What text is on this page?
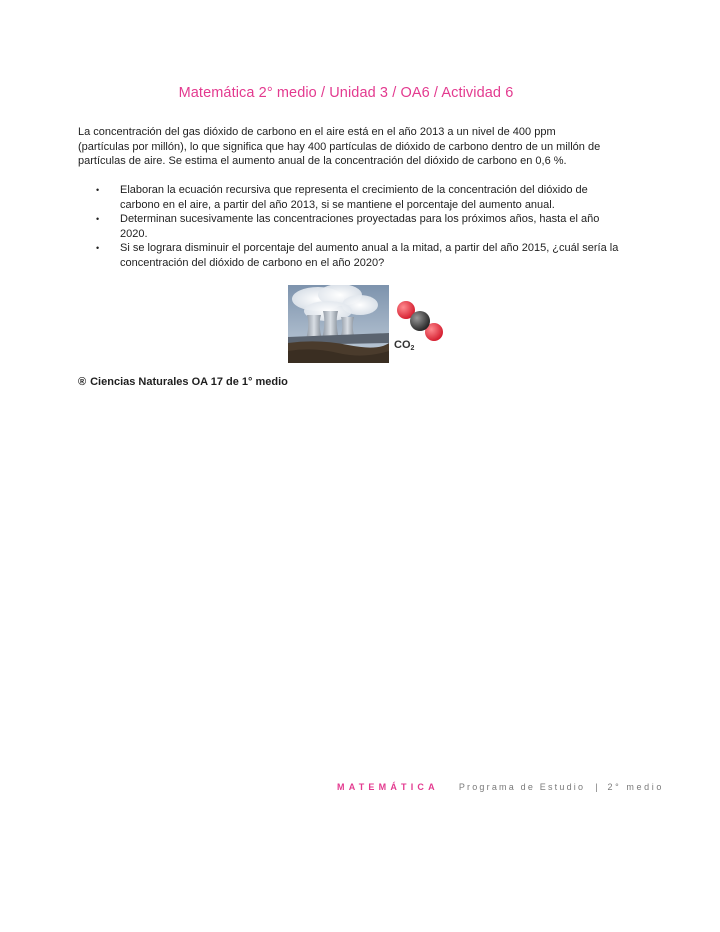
Matemática 2° medio / Unidad 3 / OA6 / Actividad 6

La concentración del gas dióxido de carbono en el aire está en el año 2013 a un nivel de 400 ppm (partículas por millón), lo que significa que hay 400 partículas de dióxido de carbono dentro de un millón de partículas de aire. Se estima el aumento anual de la concentración del dióxido de carbono en 0,6 %.

• Elaboran la ecuación recursiva que representa el crecimiento de la concentración del dióxido de carbono en el aire, a partir del año 2013, si se mantiene el porcentaje del aumento anual.
• Determinan sucesivamente las concentraciones proyectadas para los próximos años, hasta el año 2020.
• Si se lograra disminuir el porcentaje del aumento anual a la mitad, a partir del año 2015, ¿cuál sería la concentración del dióxido de carbono en el año 2020?
CO2
® Ciencias Naturales OA 17 de 1° medio
MATEMÁTICA Programa de Estudio | 2° medio
